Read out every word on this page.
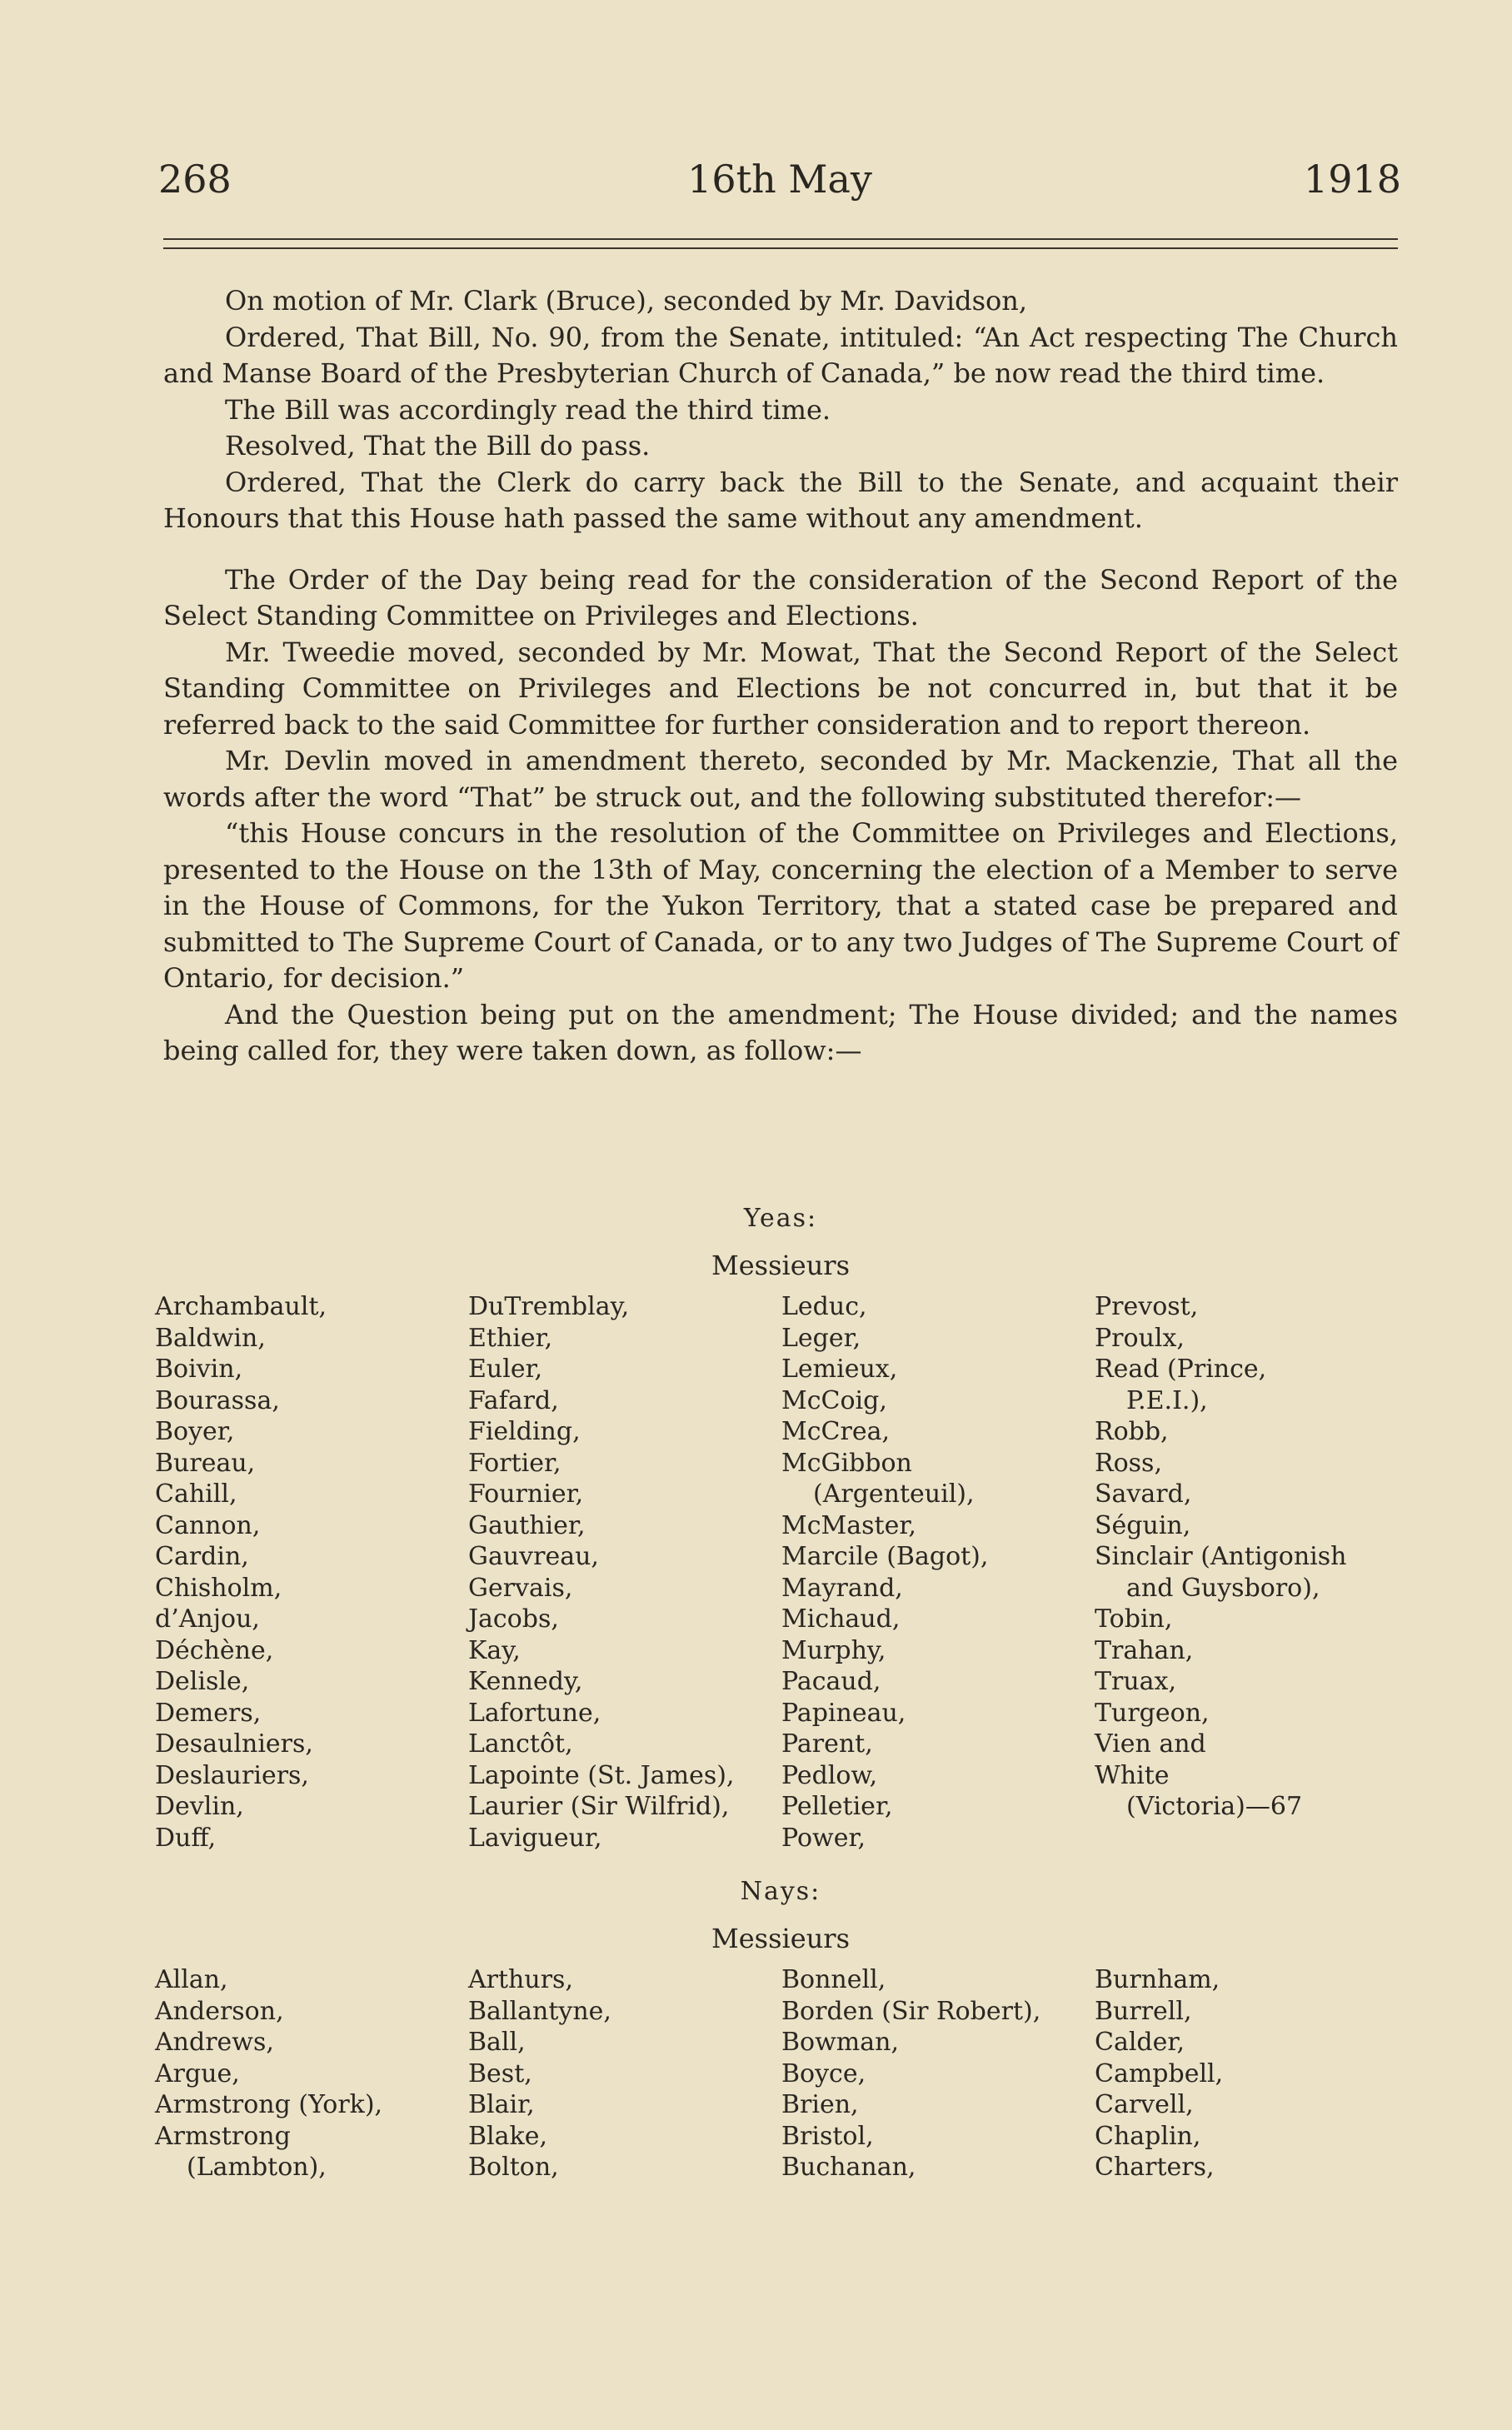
268	16th May	1918

On motion of Mr. Clark (Bruce), seconded by Mr. Davidson,

Ordered, That Bill, No. 90, from the Senate, intituled: “An Act respecting The Church and Manse Board of the Presbyterian Church of Canada,” be now read the third time.

The Bill was accordingly read the third time.

Resolved, That the Bill do pass.

Ordered, That the Clerk do carry back the Bill to the Senate, and acquaint their Honours that this House hath passed the same without any amendment.

The Order of the Day being read for the consideration of the Second Report of the Select Standing Committee on Privileges and Elections.

Mr. Tweedie moved, seconded by Mr. Mowat, That the Second Report of the Select Standing Committee on Privileges and Elections be not concurred in, but that it be referred back to the said Committee for further consideration and to report thereon.

Mr. Devlin moved in amendment thereto, seconded by Mr. Mackenzie, That all the words after the word “That” be struck out, and the following substituted therefor:—

“this House concurs in the resolution of the Committee on Privileges and Elections, presented to the House on the 13th of May, concerning the election of a Member to serve in the House of Commons, for the Yukon Territory, that a stated case be prepared and submitted to The Supreme Court of Canada, or to any two Judges of The Supreme Court of Ontario, for decision.”

And the Question being put on the amendment; The House divided; and the names being called for, they were taken down, as follow:—

Yeas:
Messieurs
Archambault,
Baldwin,
Boivin,
Bourassa,
Boyer,
Bureau,
Cahill,
Cannon,
Cardin,
Chisholm,
d’Anjou,
Déchène,
Delisle,
Demers,
Desaulniers,
Deslauriers,
Devlin,
Duff,
DuTremblay,
Ethier,
Euler,
Fafard,
Fielding,
Fortier,
Fournier,
Gauthier,
Gauvreau,
Gervais,
Jacobs,
Kay,
Kennedy,
Lafortune,
Lanctôt,
Lapointe (St. James),
Laurier (Sir Wilfrid),
Lavigueur,
Leduc,
Leger,
Lemieux,
McCoig,
McCrea,
McGibbon
(Argenteuil),
McMaster,
Marcile (Bagot),
Mayrand,
Michaud,
Murphy,
Pacaud,
Papineau,
Parent,
Pedlow,
Pelletier,
Power,
Prevost,
Proulx,
Read (Prince,
P.E.I.),
Robb,
Ross,
Savard,
Séguin,
Sinclair (Antigonish
and Guysboro),
Tobin,
Trahan,
Truax,
Turgeon,
Vien and
White
(Victoria)—67
Nays:
Messieurs
Allan,
Anderson,
Andrews,
Argue,
Armstrong (York),
Armstrong
(Lambton),
Arthurs,
Ballantyne,
Ball,
Best,
Blair,
Blake,
Bolton,
Bonnell,
Borden (Sir Robert),
Bowman,
Boyce,
Brien,
Bristol,
Buchanan,
Burnham,
Burrell,
Calder,
Campbell,
Carvell,
Chaplin,
Charters,
